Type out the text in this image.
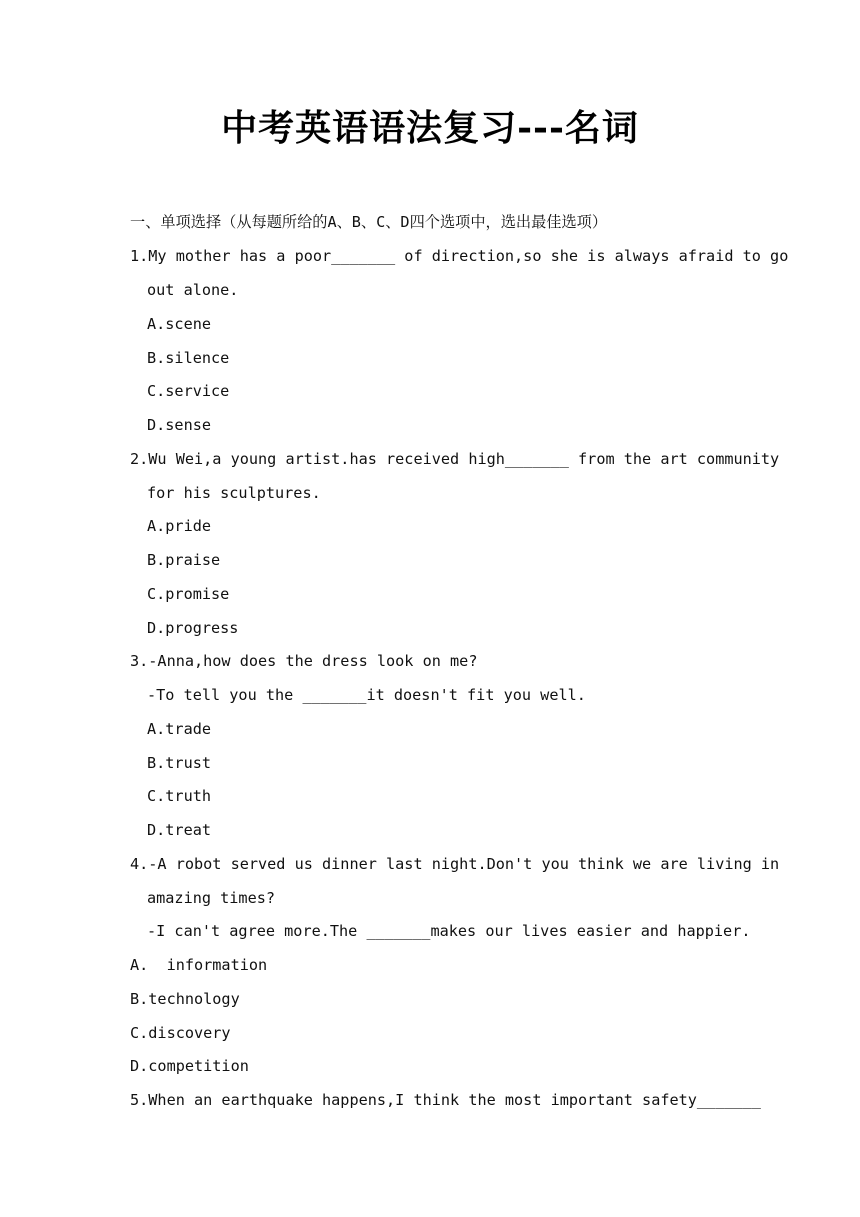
中考英语语法复习---名词
一、单项选择（从每题所给的A、B、C、D四个选项中，选出最佳选项）
1.My mother has a poor_______ of direction,so she is always afraid to go
out alone.
A.scene
B.silence
C.service
D.sense
2.Wu Wei,a young artist.has received high_______ from the art community
for his sculptures.
A.pride
B.praise
C.promise
D.progress
3.-Anna,how does the dress look on me?
-To tell you the _______it doesn't fit you well.
A.trade
B.trust
C.truth
D.treat
4.-A robot served us dinner last night.Don't you think we are living in
amazing times?
-I can't agree more.The _______makes our lives easier and happier.
A.  information
B.technology
C.discovery
D.competition
5.When an earthquake happens,I think the most important safety_______
